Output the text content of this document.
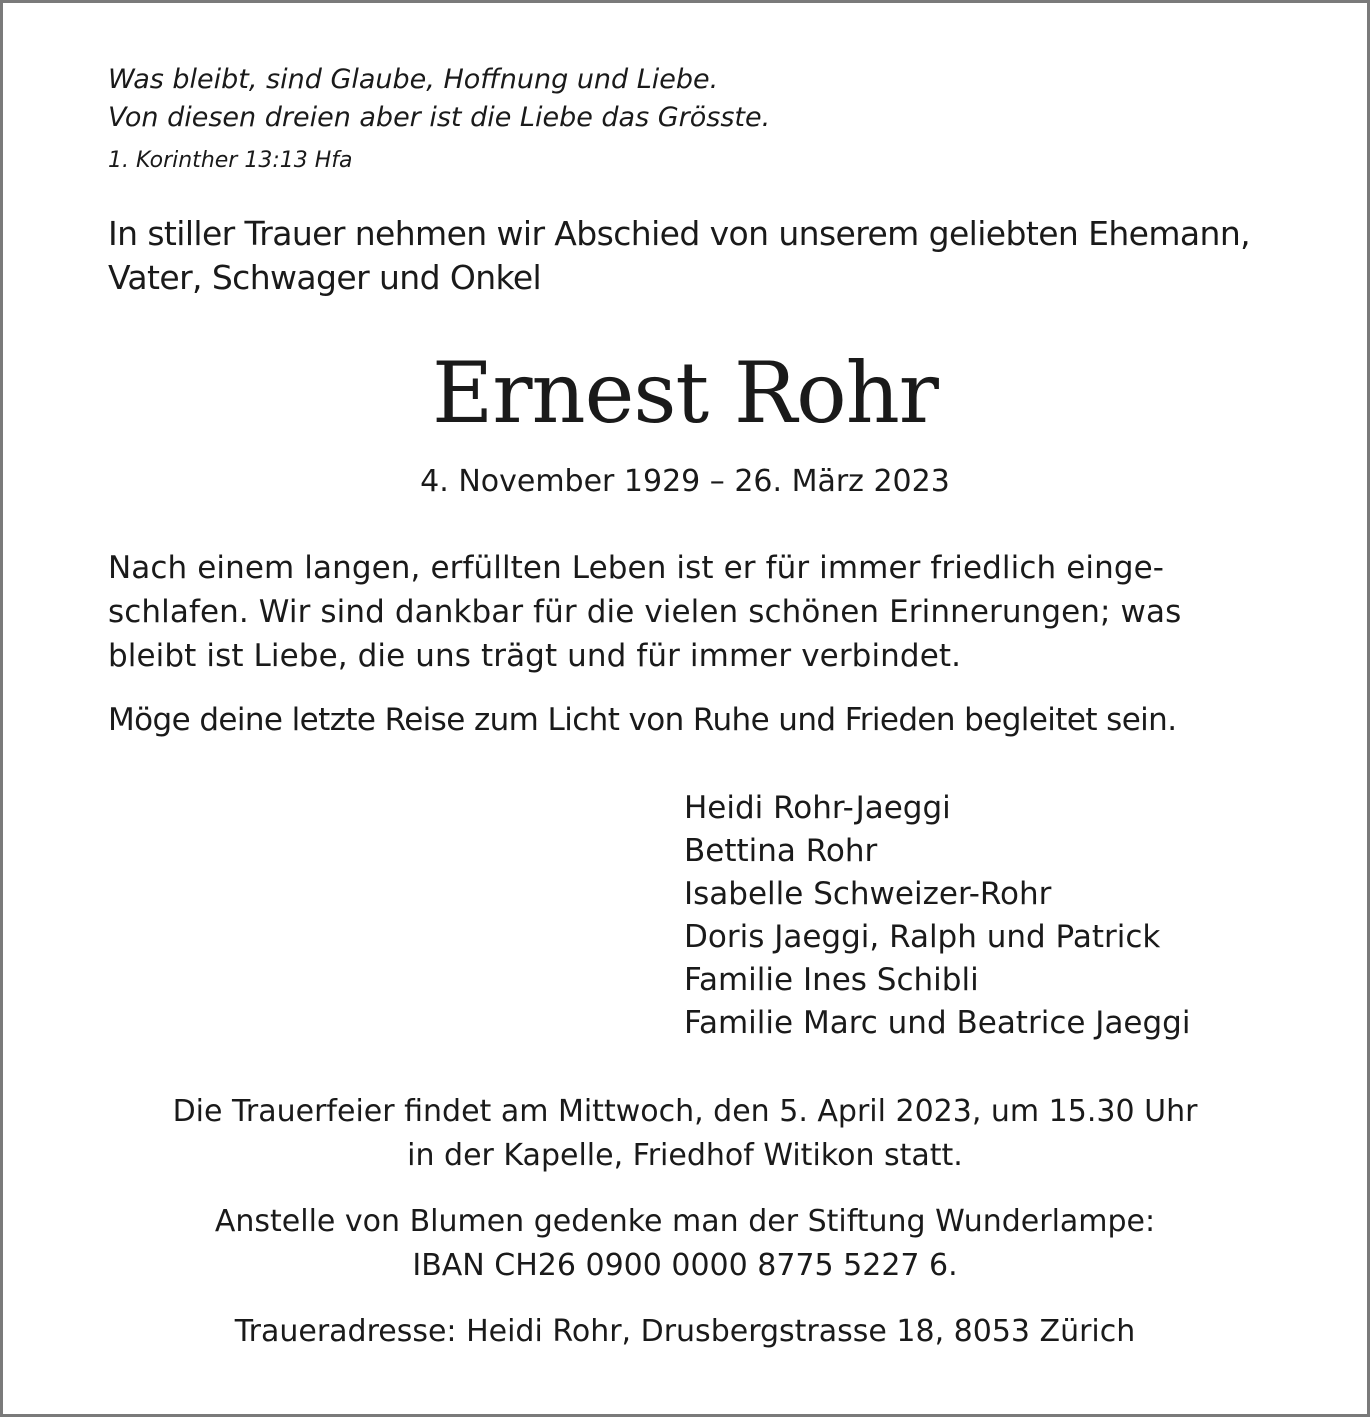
Was bleibt, sind Glaube, Hoffnung und Liebe.

Von diesen dreien aber ist die Liebe das Grösste.

1. Korinther 13:13 Hfa

In stiller Trauer nehmen wir Abschied von unserem geliebten Ehemann,

Vater, Schwager und Onkel

Ernest Rohr

4. November 1929 – 26. März 2023

Nach einem langen, erfüllten Leben ist er für immer friedlich einge-

schlafen. Wir sind dankbar für die vielen schönen Erinnerungen; was

bleibt ist Liebe, die uns trägt und für immer verbindet.

Möge deine letzte Reise zum Licht von Ruhe und Frieden begleitet sein.

Heidi Rohr-Jaeggi

Bettina Rohr

Isabelle Schweizer-Rohr

Doris Jaeggi, Ralph und Patrick

Familie Ines Schibli

Familie Marc und Beatrice Jaeggi

Die Trauerfeier findet am Mittwoch, den 5. April 2023, um 15.30 Uhr

in der Kapelle, Friedhof Witikon statt.

Anstelle von Blumen gedenke man der Stiftung Wunderlampe:

IBAN CH26 0900 0000 8775 5227 6.

Traueradresse: Heidi Rohr, Drusbergstrasse 18, 8053 Zürich
